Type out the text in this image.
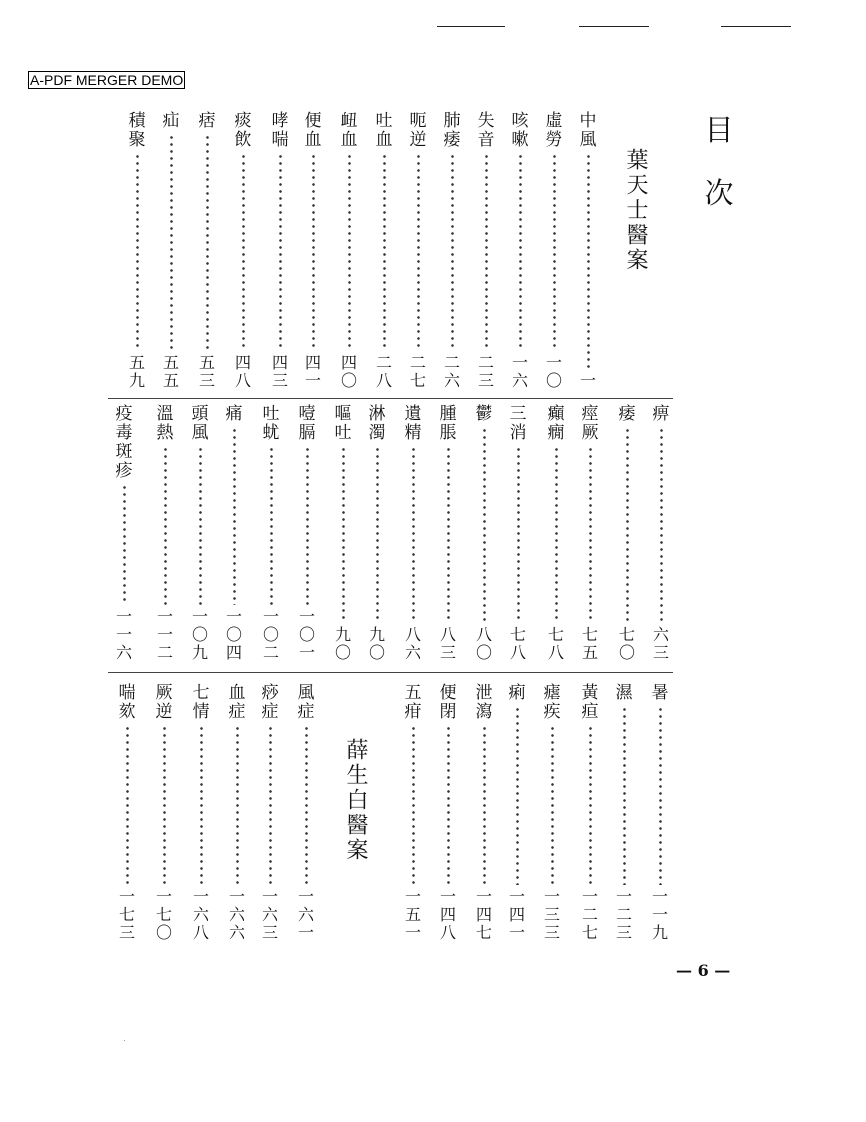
A-PDF MERGER DEMO
目
次
葉天士醫案
薛生白醫案
中
風
一
虛
勞
一
〇
咳
嗽
一
六
失
音
二
三
肺
痿
二
六
呃
逆
二
七
吐
血
二
八
衄
血
四
〇
便
血
四
一
哮
喘
四
三
痰
飲
四
八
痞
五
三
疝
五
五
積
聚
五
九
痹
六
三
痿
七
〇
痙
厥
七
五
癲
癇
七
八
三
消
七
八
鬱
八
〇
腫
脹
八
三
遺
精
八
六
淋
濁
九
〇
嘔
吐
九
〇
噎
膈
一
〇
一
吐
蚘
一
〇
二
痛
一
〇
四
頭
風
一
〇
九
溫
熱
一
一
二
疫
毒
斑
疹
一
一
六
暑
一
一
九
濕
一
二
三
黃
疸
一
二
七
瘧
疾
一
三
三
痢
一
四
一
泄
瀉
一
四
七
便
閉
一
四
八
五
疳
一
五
一
風
症
一
六
一
痧
症
一
六
三
血
症
一
六
六
七
情
一
六
八
厥
逆
一
七
〇
喘
欬
一
七
三
— 6 —
